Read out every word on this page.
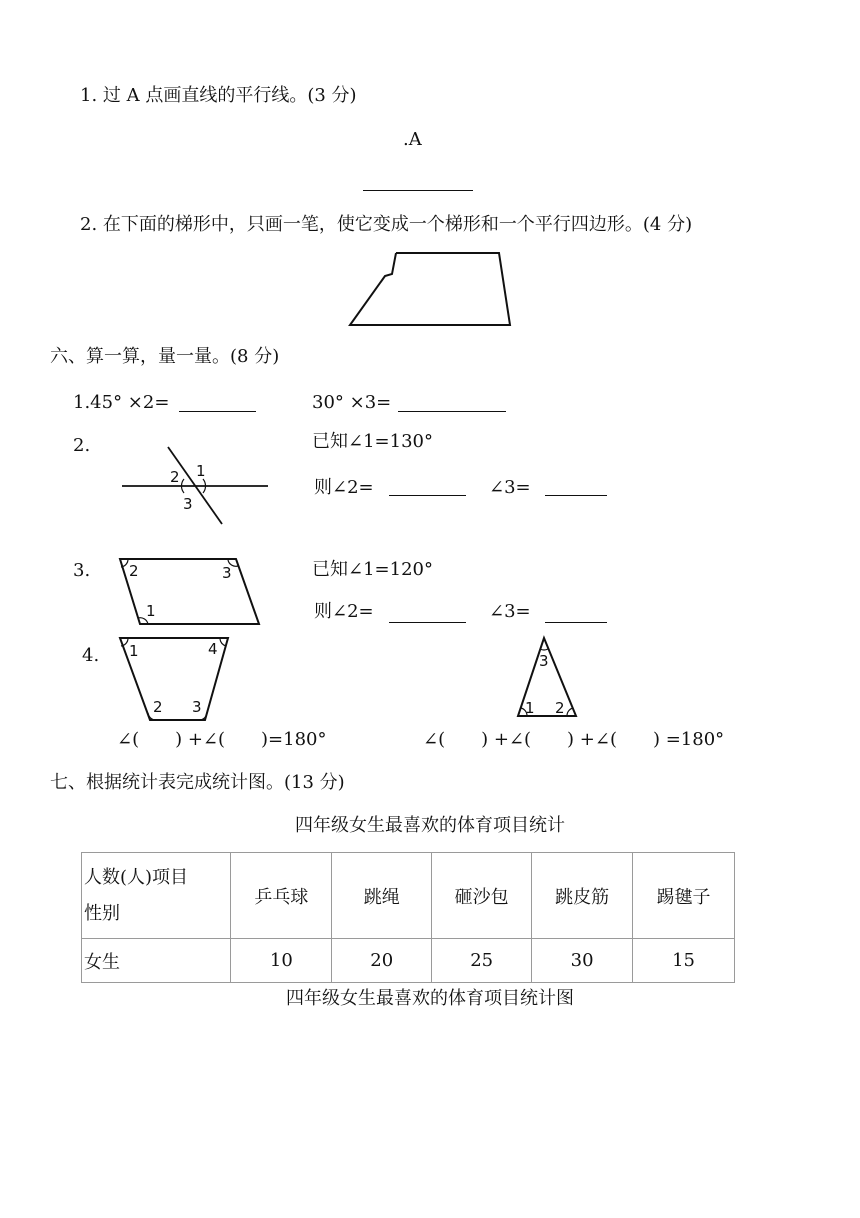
1. 过 A 点画直线的平行线。(3 分)
.A
2. 在下面的梯形中，只画一笔，使它变成一个梯形和一个平行四边形。(4 分)
六、算一算，量一量。(8 分)
1.45° ×2=	30° ×3=
2.
1
2
3
已知∠1=130°
则∠2=	∠3=
3.
1
2	3	已知∠1=120°
则∠2=	∠3=
4. 1	4
2 3
3
1 2
∠(　　) +∠(　　)=180°	∠(　　) +∠(　　) +∠(　　) =180°
七、根据统计表完成统计图。(13 分)
四年级女生最喜欢的体育项目统计
人数(人)项目
性别	乒乓球	跳绳	砸沙包	跳皮筋	踢毽子
女生	10	20	25	30	15
四年级女生最喜欢的体育项目统计图
